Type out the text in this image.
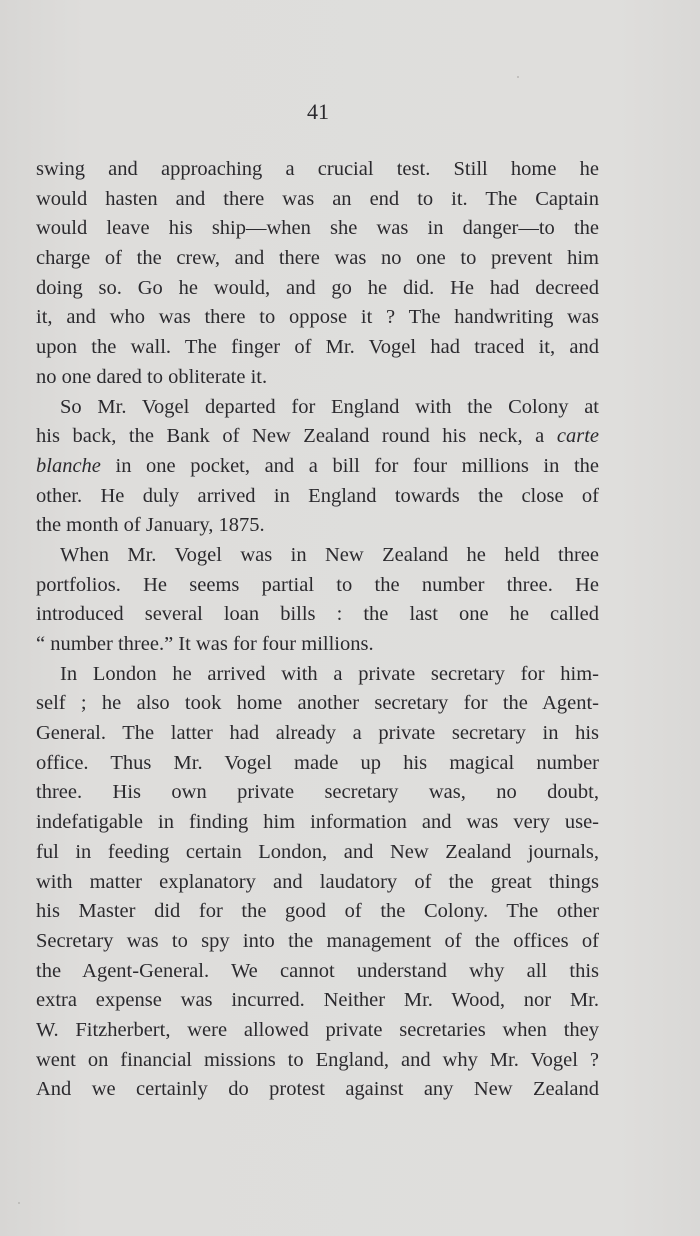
41
swing and approaching a crucial test. Still home he
would hasten and there was an end to it. The Captain
would leave his ship—when she was in danger—to the
charge of the crew, and there was no one to prevent him
doing so. Go he would, and go he did. He had decreed
it, and who was there to oppose it ? The handwriting was
upon the wall. The finger of Mr. Vogel had traced it, and
no one dared to obliterate it.
So Mr. Vogel departed for England with the Colony at
his back, the Bank of New Zealand round his neck, a carte
blanche in one pocket, and a bill for four millions in the
other. He duly arrived in England towards the close of
the month of January, 1875.
When Mr. Vogel was in New Zealand he held three
portfolios. He seems partial to the number three. He
introduced several loan bills : the last one he called
“ number three.” It was for four millions.
In London he arrived with a private secretary for him-
self ; he also took home another secretary for the Agent-
General. The latter had already a private secretary in his
office. Thus Mr. Vogel made up his magical number
three. His own private secretary was, no doubt,
indefatigable in finding him information and was very use-
ful in feeding certain London, and New Zealand journals,
with matter explanatory and laudatory of the great things
his Master did for the good of the Colony. The other
Secretary was to spy into the management of the offices of
the Agent-General. We cannot understand why all this
extra expense was incurred. Neither Mr. Wood, nor Mr.
W. Fitzherbert, were allowed private secretaries when they
went on financial missions to England, and why Mr. Vogel ?
And we certainly do protest against any New Zealand
